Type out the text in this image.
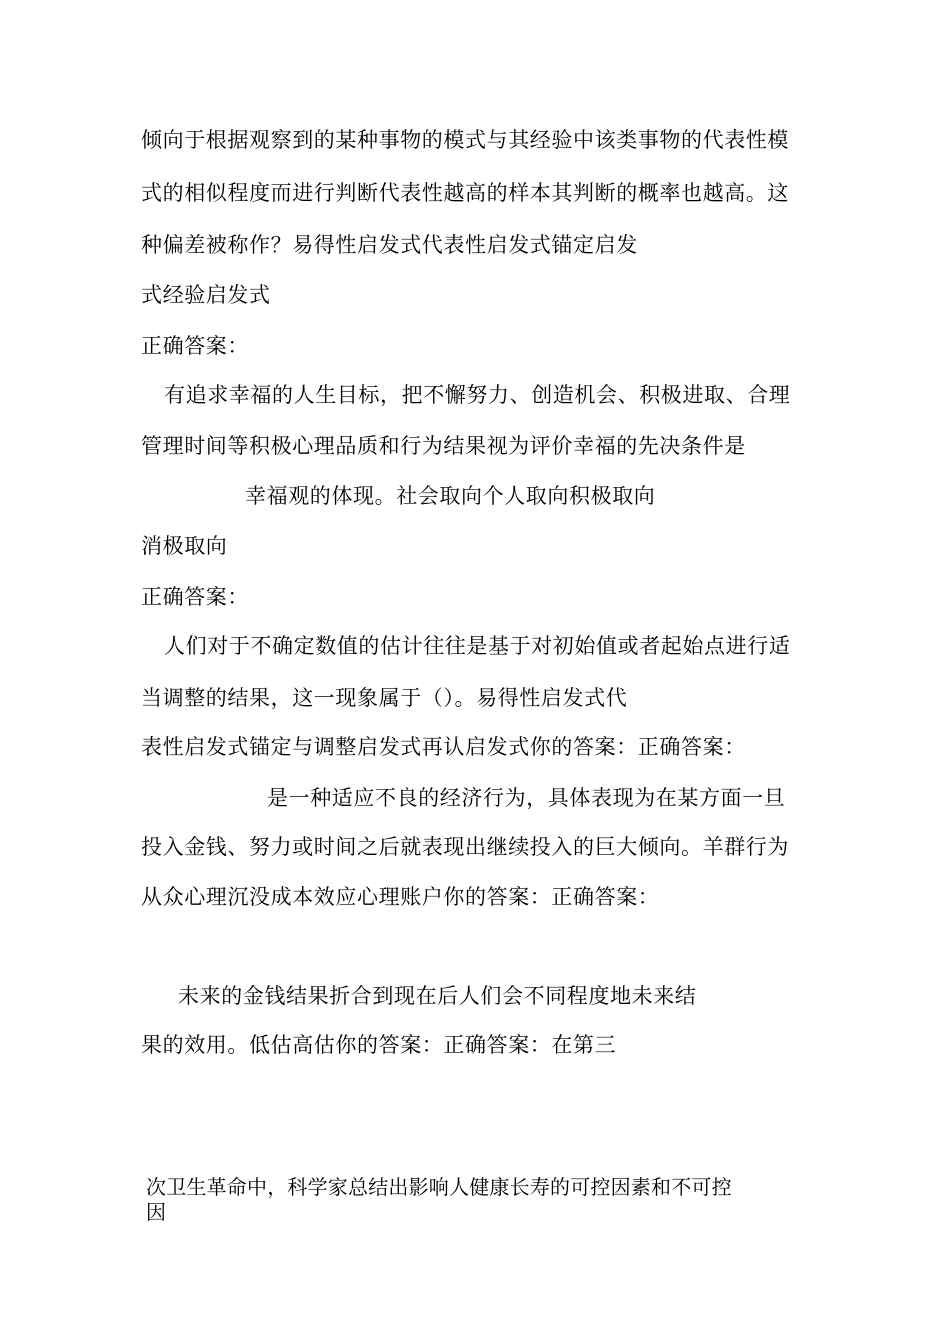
倾向于根据观察到的某种事物的模式与其经验中该类事物的代表性模
式的相似程度而进行判断代表性越高的样本其判断的概率也越高。这
种偏差被称作？易得性启发式代表性启发式锚定启发
式经验启发式
正确答案：
有追求幸福的人生目标，把不懈努力、创造机会、积极进取、合理
管理时间等积极心理品质和行为结果视为评价幸福的先决条件是
幸福观的体现。社会取向个人取向积极取向
消极取向
正确答案：
人们对于不确定数值的估计往往是基于对初始值或者起始点进行适
当调整的结果，这一现象属于（）。易得性启发式代
表性启发式锚定与调整启发式再认启发式你的答案：正确答案：
是一种适应不良的经济行为，具体表现为在某方面一旦
投入金钱、努力或时间之后就表现出继续投入的巨大倾向。羊群行为
从众心理沉没成本效应心理账户你的答案：正确答案：
未来的金钱结果折合到现在后人们会不同程度地未来结
果的效用。低估高估你的答案：正确答案：在第三
次卫生革命中，科学家总结出影响人健康长寿的可控因素和不可控
因
